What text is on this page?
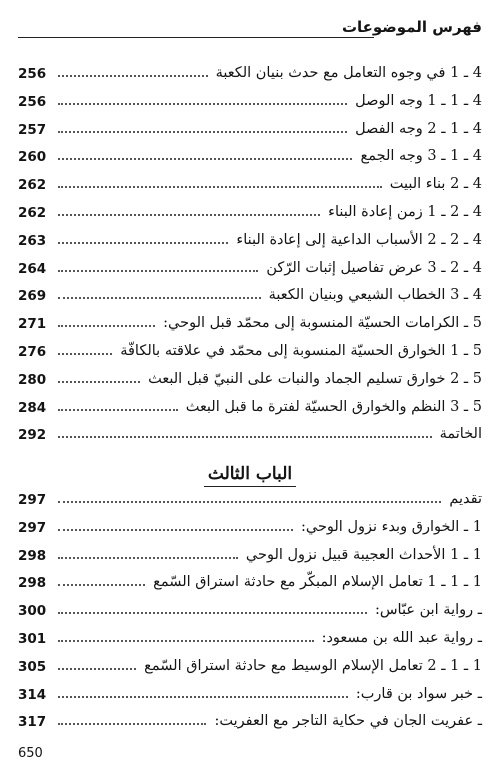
فهرس الموضوعات
4 ـ 1 في وجوه التعامل مع حدث بنيان الكعبة
256
4 ـ 1 ـ 1 وجه الوصل
256
4 ـ 1 ـ 2 وجه الفصل
257
4 ـ 1 ـ 3 وجه الجمع
260
4 ـ 2 بناء البيت
262
4 ـ 2 ـ 1 زمن إعادة البناء
262
4 ـ 2 ـ 2 الأسباب الداعية إلى إعادة البناء
263
4 ـ 2 ـ 3 عرض تفاصيل إثبات الرّكن
264
4 ـ 3 الخطاب الشيعي وبنيان الكعبة
269
5 ـ الكرامات الحسيّة المنسوبة إلى محمّد قبل الوحي:
271
5 ـ 1 الخوارق الحسيّة المنسوبة إلى محمّد في علاقته بالكافّة
276
5 ـ 2 خوارق تسليم الجماد والنبات على النبيّ قبل البعث
280
5 ـ 3 النظم والخوارق الحسيّة لفترة ما قبل البعث
284
الخاتمة
292
الباب الثالث
تقديم
297
1 ـ الخوارق وبدء نزول الوحي:
297
1 ـ 1 الأحداث العجيبة قبيل نزول الوحي
298
1 ـ 1 ـ 1 تعامل الإسلام المبكّر مع حادثة استراق السّمع
298
ـ رواية ابن عبّاس:
300
ـ رواية عبد الله بن مسعود:
301
1 ـ 1 ـ 2 تعامل الإسلام الوسيط مع حادثة استراق السّمع
305
ـ خبر سواد بن قارب:
314
ـ عفريت الجان في حكاية التاجر مع العفريت:
317
650
